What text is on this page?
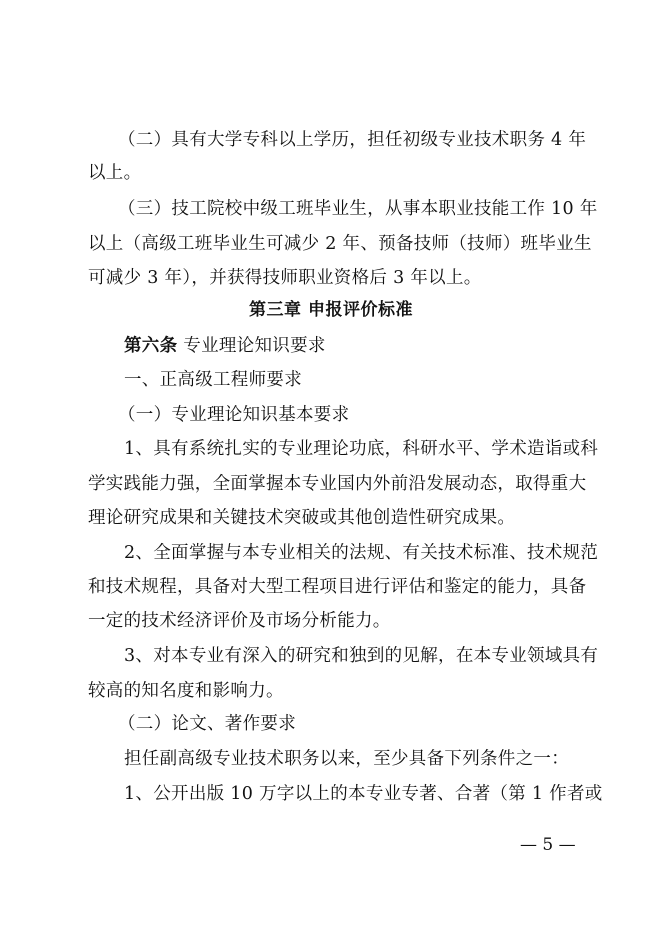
（二）具有大学专科以上学历，担任初级专业技术职务 4 年
以上。
（三）技工院校中级工班毕业生，从事本职业技能工作 10 年
以上（高级工班毕业生可减少 2 年、预备技师（技师）班毕业生
可减少 3 年），并获得技师职业资格后 3 年以上。
第三章 申报评价标准
第六条 专业理论知识要求
一、正高级工程师要求
（一）专业理论知识基本要求
1、具有系统扎实的专业理论功底，科研水平、学术造诣或科
学实践能力强，全面掌握本专业国内外前沿发展动态，取得重大
理论研究成果和关键技术突破或其他创造性研究成果。
2、全面掌握与本专业相关的法规、有关技术标准、技术规范
和技术规程，具备对大型工程项目进行评估和鉴定的能力，具备
一定的技术经济评价及市场分析能力。
3、对本专业有深入的研究和独到的见解，在本专业领域具有
较高的知名度和影响力。
（二）论文、著作要求
担任副高级专业技术职务以来，至少具备下列条件之一：
1、公开出版 10 万字以上的本专业专著、合著（第 1 作者或
— 5 —
